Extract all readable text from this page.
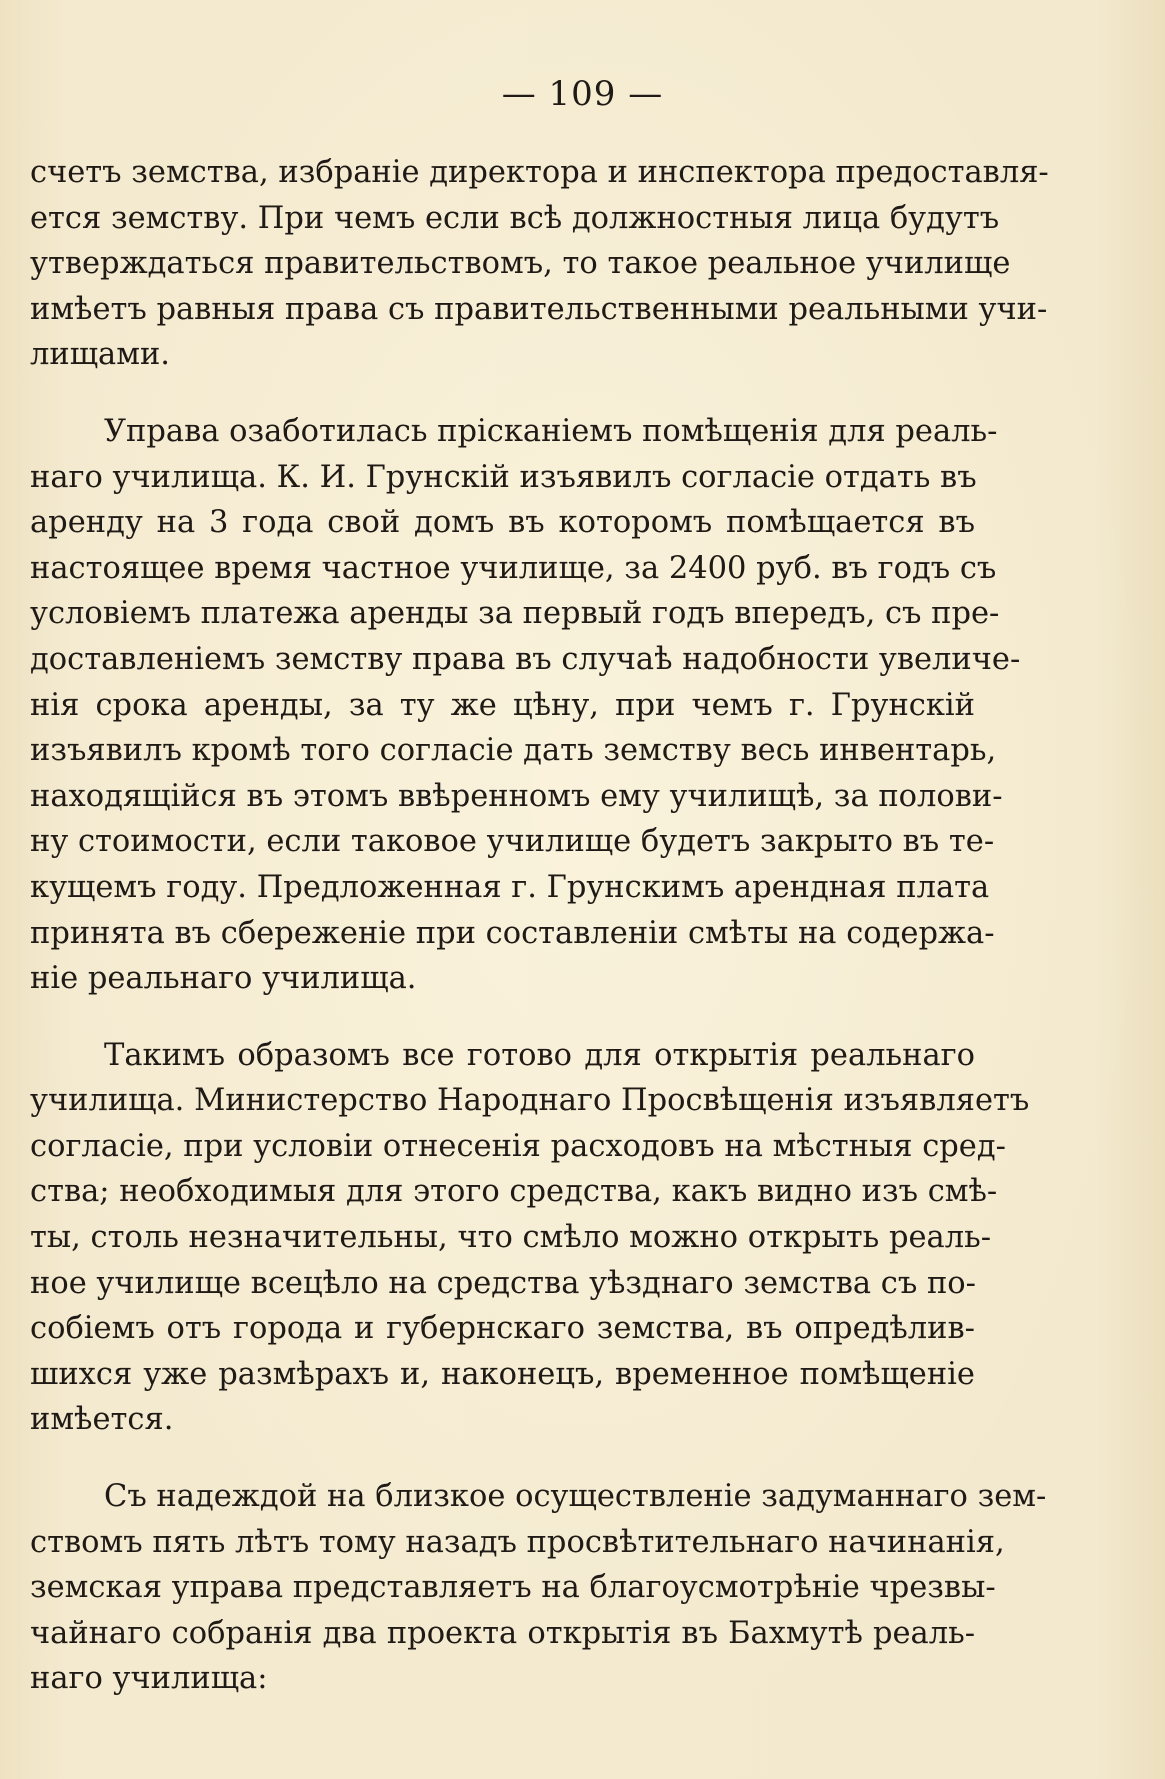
— 109 —

счетъ земства, избраніе директора и инспектора предоставля-
ется земству. При чемъ если всѣ должностныя лица будутъ
утверждаться правительствомъ, то такое реальное училище
имѣетъ равныя права съ правительственными реальными учи-
лищами.

Управа озаботилась прісканіемъ помѣщенія для реаль-
наго училища. К. И. Грунскій изъявилъ согласіе отдать въ
аренду на 3 года свой домъ въ которомъ помѣщается въ
настоящее время частное училище, за 2400 руб. въ годъ съ
условіемъ платежа аренды за первый годъ впередъ, съ пре-
доставленіемъ земству права въ случаѣ надобности увеличе-
нія срока аренды, за ту же цѣну, при чемъ г. Грунскій
изъявилъ кромѣ того согласіе дать земству весь инвентарь,
находящійся въ этомъ ввѣренномъ ему училищѣ, за полови-
ну стоимости, если таковое училище будетъ закрыто въ те-
кущемъ году. Предложенная г. Грунскимъ арендная плата
принята въ сбереженіе при составленіи смѣты на содержа-
ніе реальнаго училища.

Такимъ образомъ все готово для открытія реальнаго
училища. Министерство Народнаго Просвѣщенія изъявляетъ
согласіе, при условіи отнесенія расходовъ на мѣстныя сред-
ства; необходимыя для этого средства, какъ видно изъ смѣ-
ты, столь незначительны, что смѣло можно открыть реаль-
ное училище всецѣло на средства уѣзднаго земства съ по-
собіемъ отъ города и губернскаго земства, въ опредѣлив-
шихся уже размѣрахъ и, наконецъ, временное помѣщеніе
имѣется.

Съ надеждой на близкое осуществленіе задуманнаго зем-
ствомъ пять лѣтъ тому назадъ просвѣтительнаго начинанія,
земская управа представляетъ на благоусмотрѣніе чрезвы-
чайнаго собранія два проекта открытія въ Бахмутѣ реаль-
наго училища:
